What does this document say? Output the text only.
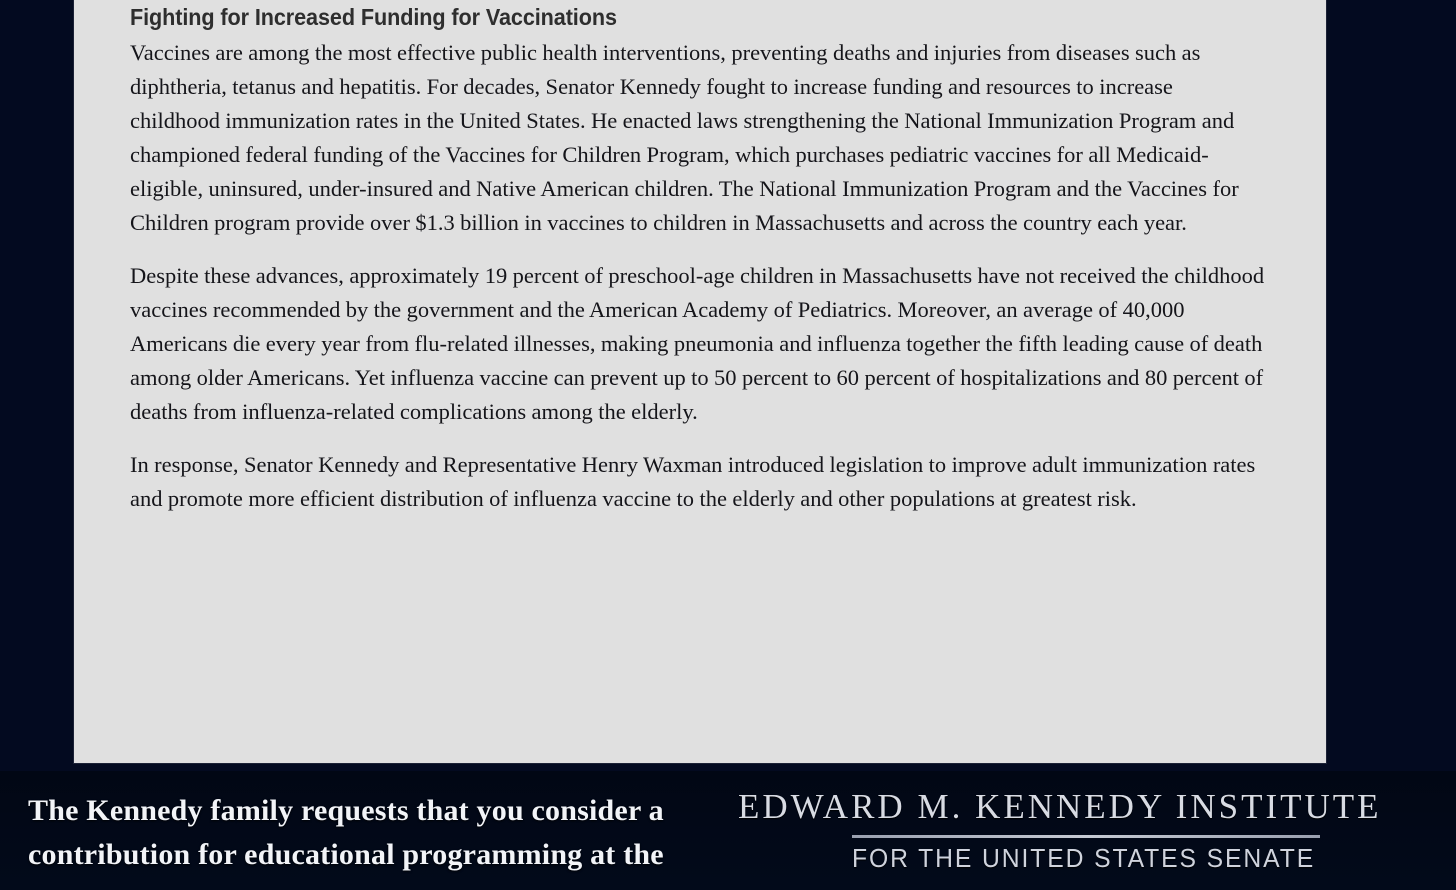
Fighting for Increased Funding for Vaccinations

Vaccines are among the most effective public health interventions, preventing deaths and injuries from diseases such as diphtheria, tetanus and hepatitis. For decades, Senator Kennedy fought to increase funding and resources to increase childhood immunization rates in the United States. He enacted laws strengthening the National Immunization Program and championed federal funding of the Vaccines for Children Program, which purchases pediatric vaccines for all Medicaid-eligible, uninsured, under-insured and Native American children. The National Immunization Program and the Vaccines for Children program provide over $1.3 billion in vaccines to children in Massachusetts and across the country each year.

Despite these advances, approximately 19 percent of preschool-age children in Massachusetts have not received the childhood vaccines recommended by the government and the American Academy of Pediatrics. Moreover, an average of 40,000 Americans die every year from flu-related illnesses, making pneumonia and influenza together the fifth leading cause of death among older Americans. Yet influenza vaccine can prevent up to 50 percent to 60 percent of hospitalizations and 80 percent of deaths from influenza-related complications among the elderly.

In response, Senator Kennedy and Representative Henry Waxman introduced legislation to improve adult immunization rates and promote more efficient distribution of influenza vaccine to the elderly and other populations at greatest risk.

The Kennedy family requests that you consider a
contribution for educational programming at the
EDWARD M. KENNEDY INSTITUTE
FOR THE UNITED STATES SENATE
